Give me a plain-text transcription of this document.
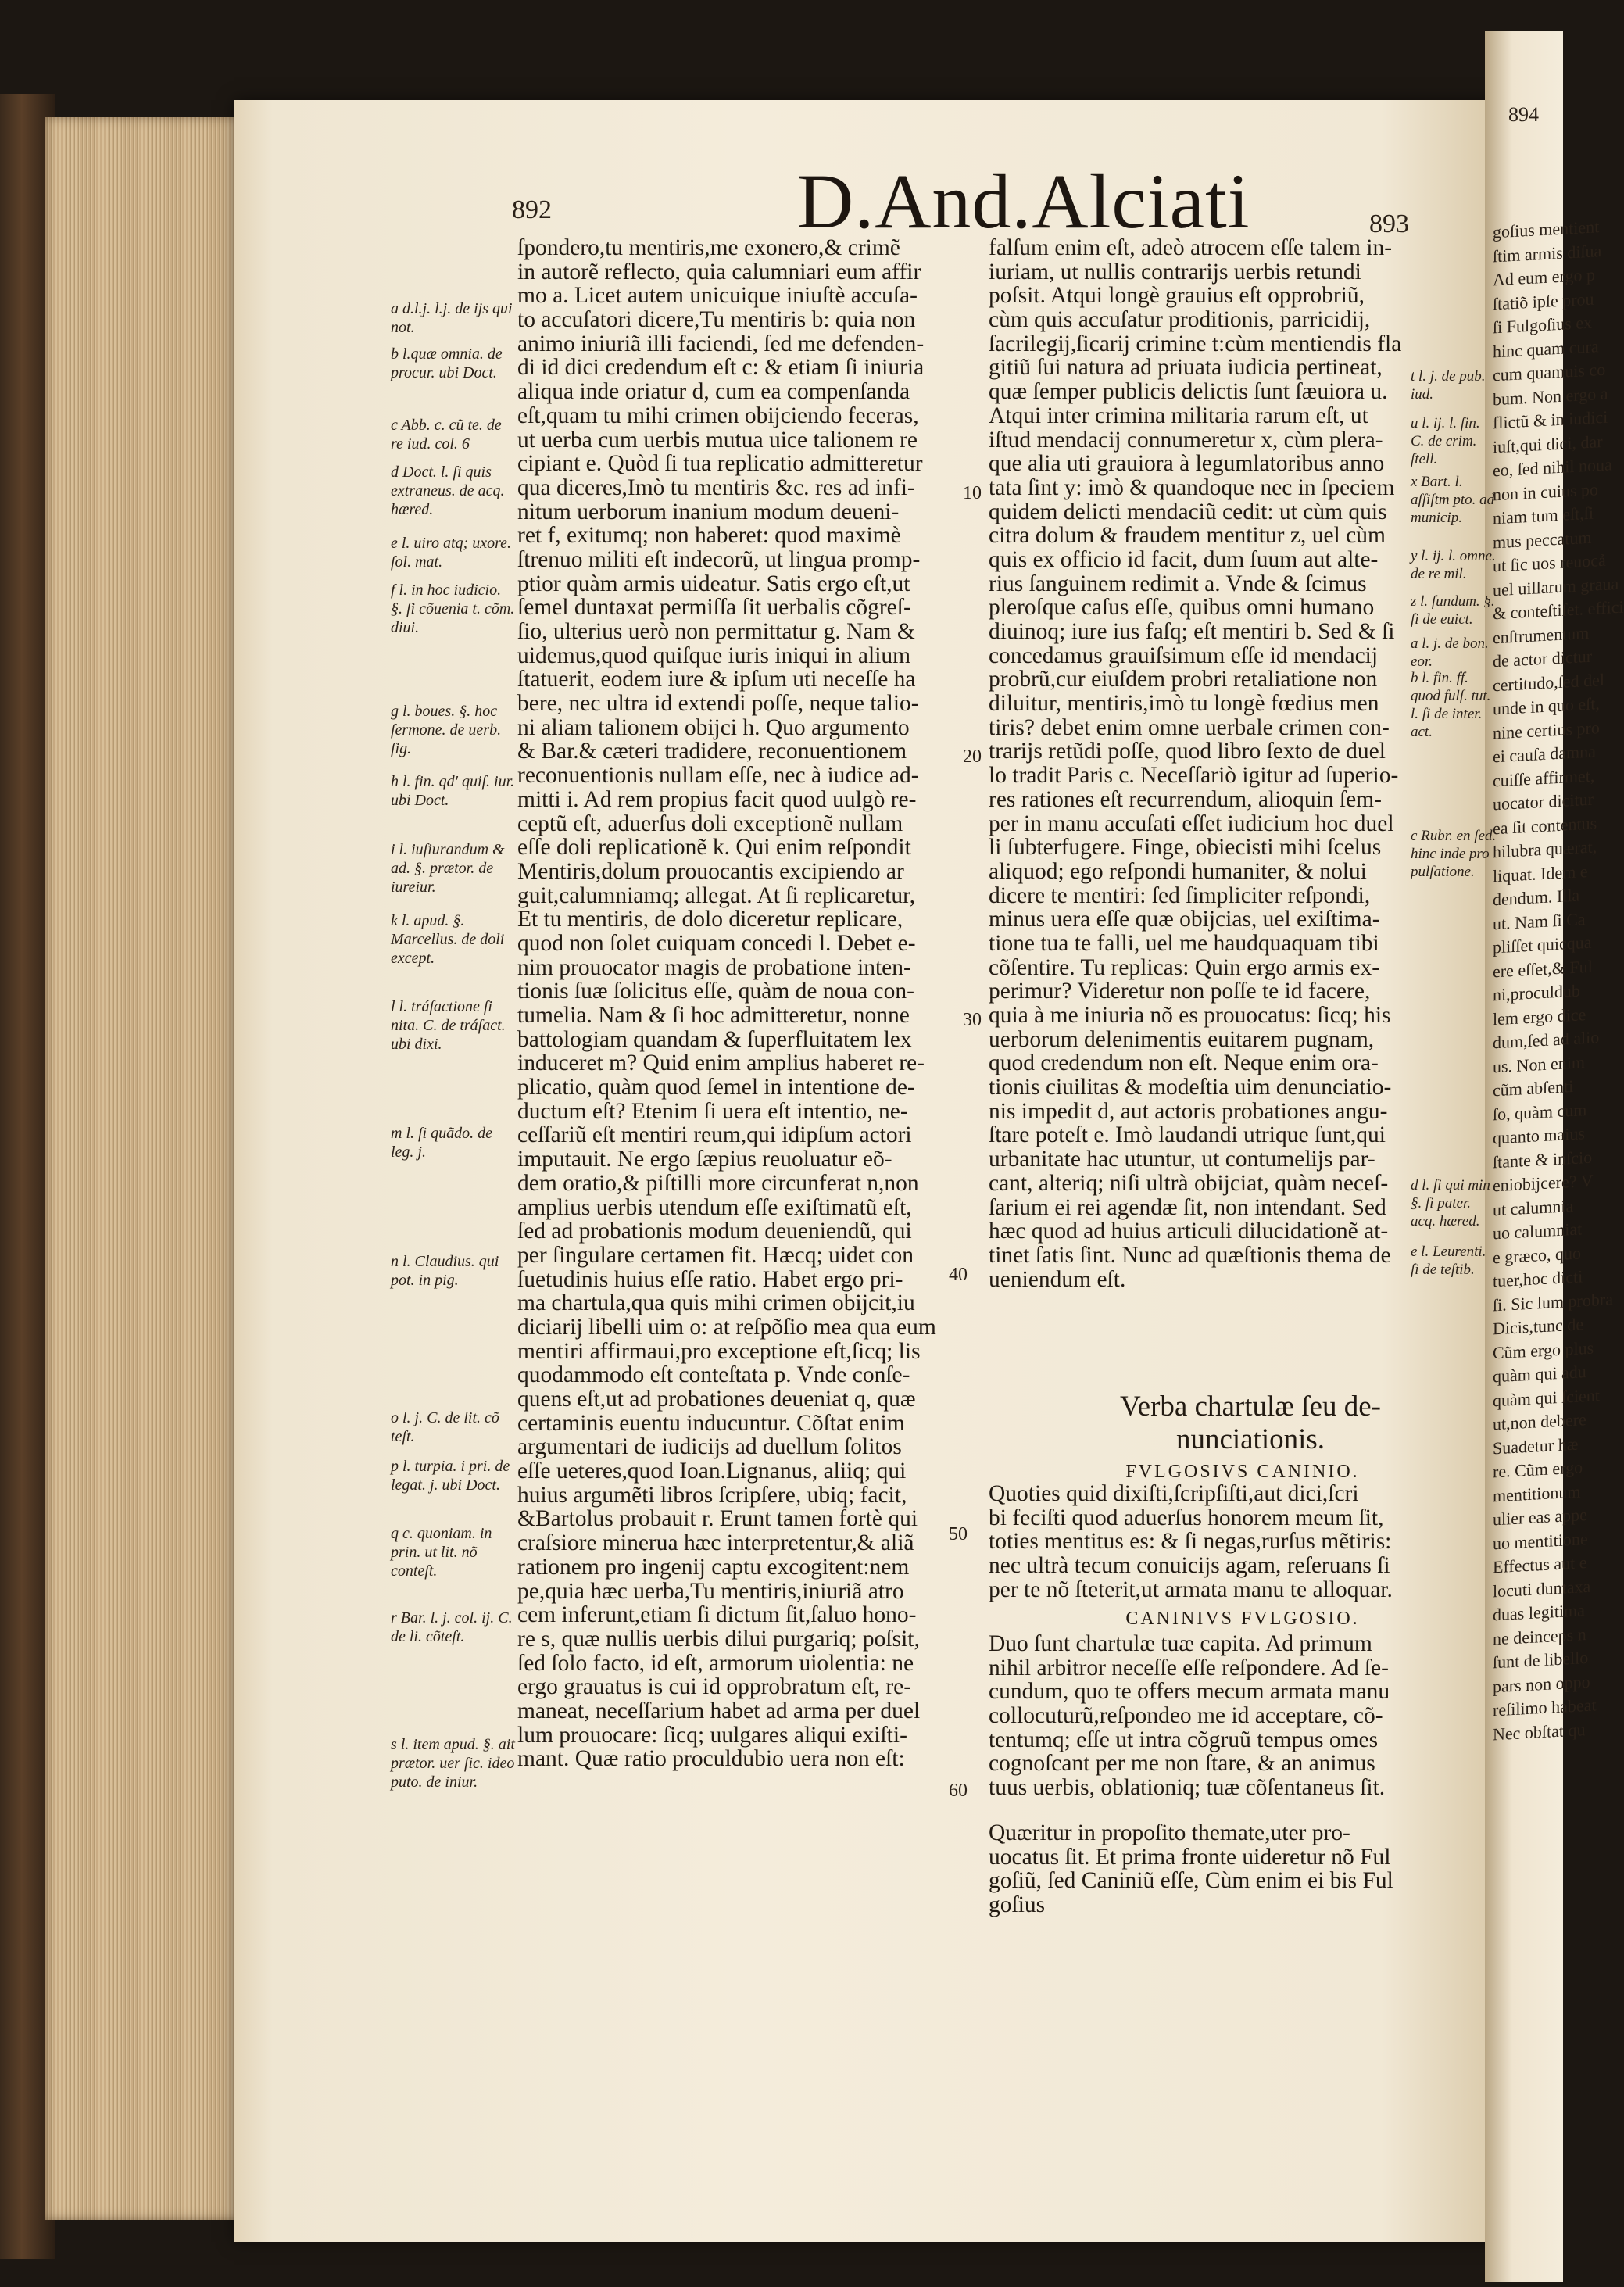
894
goſius mentient
ſtim armis diſua
Ad eum ergo p
ſtatiõ ipſe prou
ſi Fulgoſius ex
hinc quam cura
cum quamuis co
bum. Non ergo a
flictũ & in iudici
iuſt,qui dici, dar
eo, ſed nihil noua
non in cuius po
niam tum eſt,ſi
mus peccatum
ut ſic uos reuocả
uel uillarum graua
& conteſtiſet. effici
enſtrumentum
de actor dictur
certitudo,ſed del
unde in quo eſt,
nine certius pro
ei cauſa damna
cuiſſe affirmet,
uocator dicitur
ea ſit contentus
hilubra quærat,
liquat. Idem e
dendum. Illa
ut. Nam ſi Ca
pliſſet quicqua
ere eſſet,& Ful
ni,proculdub
lem ergo dice
dum,ſed ad alio
us. Non enim
cũm abſenti
ſo, quàm cum
quanto maius
ſtante & inſcio
eniobijcere? V
ut calumnia
uo calumniat
e græco, quo
tuer,hoc dicti
ſi. Sic lum probra
Dicis,tunc de
Cũm ergo plus
quàm qui adu
quàm qui ſcient
ut,non debere
Suadetur hæ
re. Cũm ergo
mentitionum
ulier eas appe
uo mentitione
Effectus aut e
locuti duntaxa
duas legitima
ne deinceps n
ſunt de libello
pars non oppo
reſilimo habeat
Nec obſtat qu
892	D.And.Alciati	893
ſpondero,tu mentiris,me exonero,& crimẽ
in autorẽ reflecto, quia calumniari eum affir
mo a. Licet autem unicuique iniuſtè accuſa-
to accuſatori dicere,Tu mentiris b: quia non
animo iniuriã illi faciendi, ſed me defenden-
di id dici credendum eſt c: & etiam ſi iniuria
aliqua inde oriatur d, cum ea compenſanda
eſt,quam tu mihi crimen obijciendo feceras,
ut uerba cum uerbis mutua uice talionem re
cipiant e. Quòd ſi tua replicatio admitteretur
qua diceres,Imò tu mentiris &c. res ad infi-
nitum uerborum inanium modum deueni-
ret f, exitumq; non haberet: quod maximè
ſtrenuo militi eſt indecorũ, ut lingua promp-
ptior quàm armis uideatur. Satis ergo eſt,ut
ſemel duntaxat permiſſa ſit uerbalis cõgreſ-
ſio, ulterius uerò non permittatur g. Nam &
uidemus,quod quiſque iuris iniqui in alium
ſtatuerit, eodem iure & ipſum uti neceſſe ha
bere, nec ultra id extendi poſſe, neque talio-
ni aliam talionem obijci h. Quo argumento
& Bar.& cæteri tradidere, reconuentionem
reconuentionis nullam eſſe, nec à iudice ad-
mitti i. Ad rem propius facit quod uulgò re-
ceptũ eſt, aduerſus doli exceptionẽ nullam
eſſe doli replicationẽ k. Qui enim reſpondit
Mentiris,dolum prouocantis excipiendo ar
guit,calumniamq; allegat. At ſi replicaretur,
Et tu mentiris, de dolo diceretur replicare,
quod non ſolet cuiquam concedi l. Debet e-
nim prouocator magis de probatione inten-
tionis ſuæ ſolicitus eſſe, quàm de noua con-
tumelia. Nam & ſi hoc admitteretur, nonne
battologiam quandam & ſuperfluitatem lex
induceret m? Quid enim amplius haberet re-
plicatio, quàm quod ſemel in intentione de-
ductum eſt? Etenim ſi uera eſt intentio, ne-
ceſſariũ eſt mentiri reum,qui idipſum actori
imputauit. Ne ergo ſæpius reuoluatur eõ-
dem oratio,& piſtilli more circunferat n,non
amplius uerbis utendum eſſe exiſtimatũ eſt,
ſed ad probationis modum deueniendũ, qui
per ſingulare certamen fit. Hæcq; uidet con
ſuetudinis huius eſſe ratio. Habet ergo pri-
ma chartula,qua quis mihi crimen obijcit,iu
diciarij libelli uim o: at reſpõſio mea qua eum
mentiri affirmaui,pro exceptione eſt,ſicq; lis
quodammodo eſt conteſtata p. Vnde conſe-
quens eſt,ut ad probationes deueniat q, quæ
certaminis euentu inducuntur. Cõſtat enim
argumentari de iudicijs ad duellum ſolitos
eſſe ueteres,quod Ioan.Lignanus, aliiq; qui
huius argumẽti libros ſcripſere, ubiq; facit,
&Bartolus probauit r. Erunt tamen fortè qui
craſsiore minerua hæc interpretentur,& aliã
rationem pro ingenij captu excogitent:nem
pe,quia hæc uerba,Tu mentiris,iniuriã atro
cem inferunt,etiam ſi dictum ſit,ſaluo hono-
re s, quæ nullis uerbis dilui purgariq; poſsit,
ſed ſolo facto, id eſt, armorum uiolentia: ne
ergo grauatus is cui id opprobratum eſt, re-
maneat, neceſſarium habet ad arma per duel
lum prouocare: ſicq; uulgares aliqui exiſti-
mant. Quæ ratio proculdubio uera non eſt:
falſum enim eſt, adeò atrocem eſſe talem in-
iuriam, ut nullis contrarijs uerbis retundi
poſsit. Atqui longè grauius eſt opprobriũ,
cùm quis accuſatur proditionis, parricidij,
ſacrilegij,ſicarij crimine t:cùm mentiendis fla
gitiũ ſui natura ad priuata iudicia pertineat,
quæ ſemper publicis delictis ſunt ſæuiora u.
Atqui inter crimina militaria rarum eſt, ut
iſtud mendacij connumeretur x, cùm plera-
que alia uti grauiora à legumlatoribus anno
tata ſint y: imò & quandoque nec in ſpeciem
quidem delicti mendaciũ cedit: ut cùm quis
citra dolum & fraudem mentitur z, uel cùm
quis ex officio id facit, dum ſuum aut alte-
rius ſanguinem redimit a. Vnde & ſcimus
pleroſque caſus eſſe, quibus omni humano
diuinoq; iure ius faſq; eſt mentiri b. Sed & ſi
concedamus grauiſsimum eſſe id mendacij
probrũ,cur eiuſdem probri retaliatione non
diluitur, mentiris,imò tu longè fœdius men
tiris? debet enim omne uerbale crimen con-
trarijs retũdi poſſe, quod libro ſexto de duel
lo tradit Paris c. Neceſſariò igitur ad ſuperio-
res rationes eſt recurrendum, alioquin ſem-
per in manu accuſati eſſet iudicium hoc duel
li ſubterfugere. Finge, obiecisti mihi ſcelus
aliquod; ego reſpondi humaniter, & nolui
dicere te mentiri: ſed ſimpliciter reſpondi,
minus uera eſſe quæ obijcias, uel exiſtima-
tione tua te falli, uel me haudquaquam tibi
cõſentire. Tu replicas: Quin ergo armis ex-
perimur? Videretur non poſſe te id facere,
quia à me iniuria nõ es prouocatus: ſicq; his
uerborum delenimentis euitarem pugnam,
quod credendum non eſt. Neque enim ora-
tionis ciuilitas & modeſtia uim denunciatio-
nis impedit d, aut actoris probationes angu-
ſtare poteſt e. Imò laudandi utrique ſunt,qui
urbanitate hac utuntur, ut contumelijs par-
cant, alteriq; niſi ultrà obijciat, quàm neceſ-
ſarium ei rei agendæ ſit, non intendant. Sed
hæc quod ad huius articuli dilucidationẽ at-
tinet ſatis ſint. Nunc ad quæſtionis thema de
ueniendum eſt.
10
20
30
40
50
60
a d.l.j. l.j. de ijs qui not.
b l.quæ omnia. de procur. ubi Doct.
c Abb. c. cũ te. de re iud. col. 6
d Doct. l. ſi quis extraneus. de acq. hæred.
e l. uiro atq; uxore. ſol. mat.
f l. in hoc iudicio. §. ſi cõuenia t. cõm. diui.
g l. boues. §. hoc ſermone. de uerb. ſig.
h l. fin. qd' quiſ. iur. ubi Doct.
i l. iuſiurandum & ad. §. prætor. de iureiur.
k l. apud. §. Marcellus. de doli except.
l l. tráſactione ſi nita. C. de tráſact. ubi dixi.
m l. ſi quãdo. de leg. j.
n l. Claudius. qui pot. in pig.
o l. j. C. de lit. cõ teſt.
p l. turpia. i pri. de legat. j. ubi Doct.
q c. quoniam. in prin. ut lit. nõ conteſt.
r Bar. l. j. col. ij. C. de li. cõteſt.
s l. item apud. §. ait prætor. uer ſic. ideo puto. de iniur.
t l. j. de pub. iud.
u l. ij. l. fin. C. de crim. ſtell.
x Bart. l. aſſiſtm pto. ad municip.
y l. ij. l. omne. de re mil.
z l. fundum. §. fi de euict.
a l. j. de bon. eor.
b l. fin. ff. quod fulſ. tut. l. ſi de inter. act.
c Rubr. en ſed. hinc inde pro pulſatione.
d l. ſi qui min §. ſi pater. acq. hæred.
e l. Leurenti. ſi de teſtib.
Verba chartulæ ſeu de-
nunciationis.
FVLGOSIVS CANINIO.
Quoties quid dixiſti,ſcripſiſti,aut dici,ſcri
bi feciſti quod aduerſus honorem meum ſit,
toties mentitus es: & ſi negas,rurſus mẽtiris:
nec ultrà tecum conuicijs agam, reſeruans ſi
per te nõ ſteterit,ut armata manu te alloquar.
CANINIVS FVLGOSIO.
Duo ſunt chartulæ tuæ capita. Ad primum
nihil arbitror neceſſe eſſe reſpondere. Ad ſe-
cundum, quo te offers mecum armata manu
collocuturũ,reſpondeo me id acceptare, cõ-
tentumq; eſſe ut intra cõgruũ tempus omes
cognoſcant per me non ſtare, & an animus
tuus uerbis, oblationiq; tuæ cõſentaneus ſit.
Quæritur in propoſito themate,uter pro-
uocatus ſit. Et prima fronte uideretur nõ Ful
goſiũ, ſed Caniniũ eſſe, Cùm enim ei bis Ful
goſius
